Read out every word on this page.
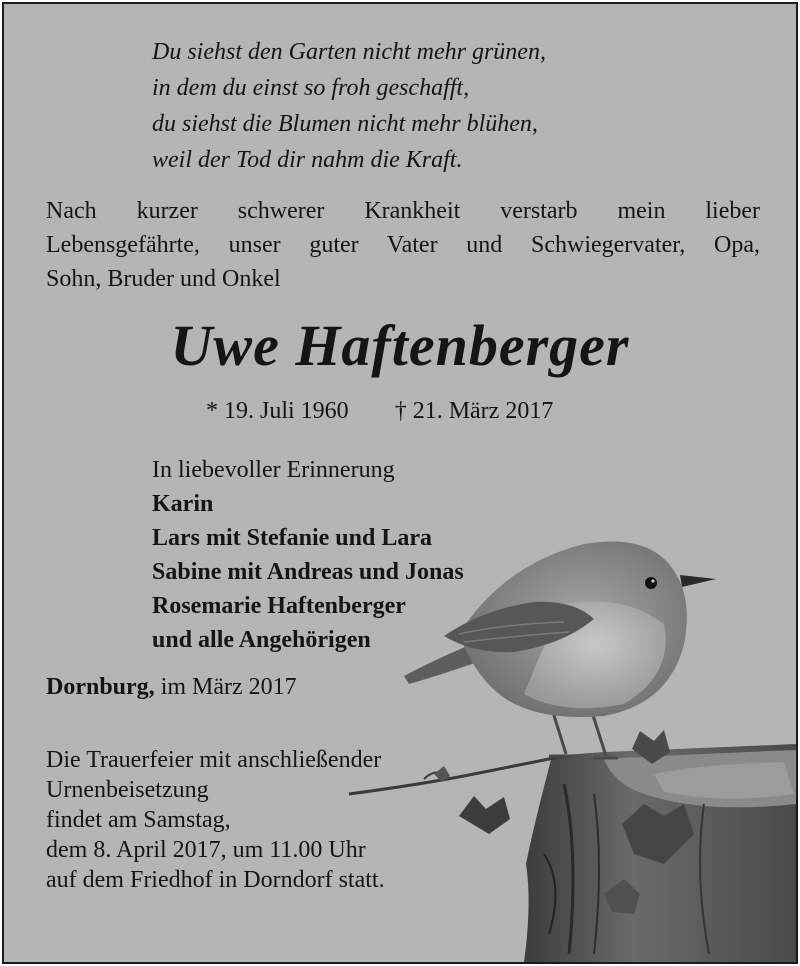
Du siehst den Garten nicht mehr grünen,
in dem du einst so froh geschafft,
du siehst die Blumen nicht mehr blühen,
weil der Tod dir nahm die Kraft.
Nach kurzer schwerer Krankheit verstarb mein lieber
Lebensgefährte, unser guter Vater und Schwiegervater, Opa,
Sohn, Bruder und Onkel
Uwe Haftenberger
* 19. Juli 1960 † 21. März 2017
In liebevoller Erinnerung
Karin
Lars mit Stefanie und Lara
Sabine mit Andreas und Jonas
Rosemarie Haftenberger
und alle Angehörigen
Dornburg, im März 2017
Die Trauerfeier mit anschließender
Urnenbeisetzung
findet am Samstag,
dem 8. April 2017, um 11.00 Uhr
auf dem Friedhof in Dorndorf statt.
